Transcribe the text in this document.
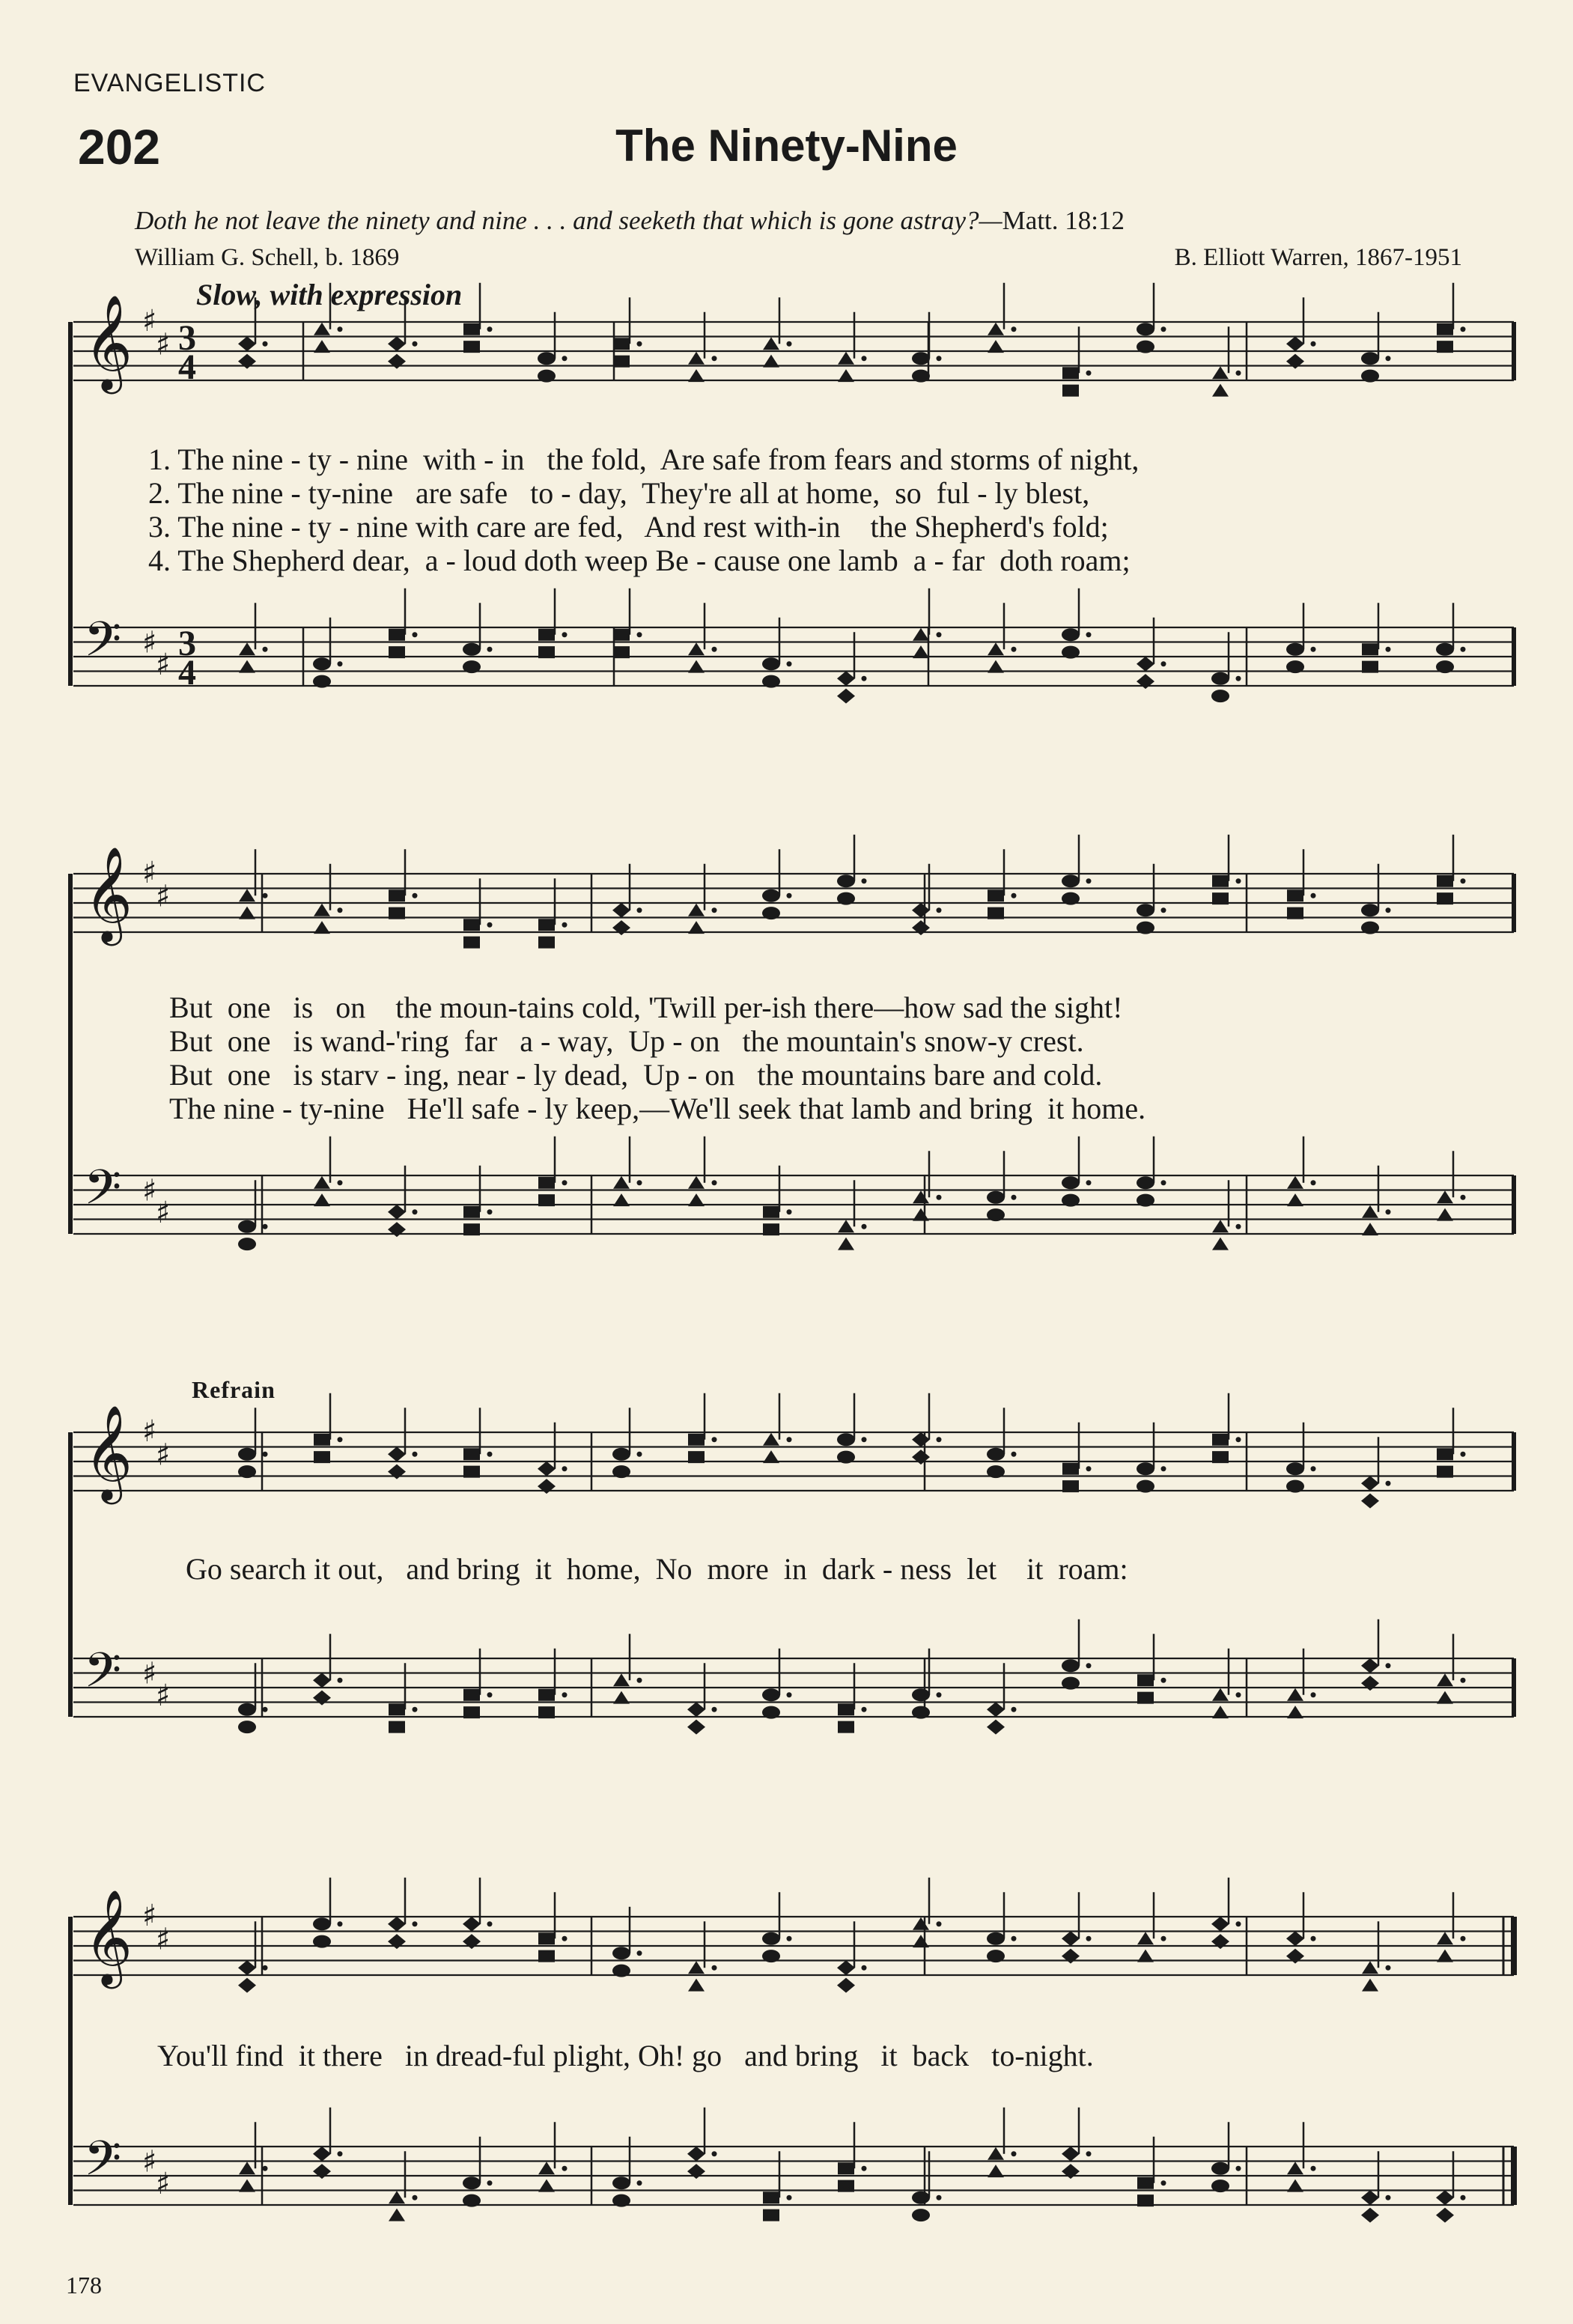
EVANGELISTIC
202	The Ninety-Nine
Doth he not leave the ninety and nine . . . and seeketh that which is gone astray?—Matt. 18:12
William G. Schell, b. 1869	B. Elliott Warren, 1867-1951
Slow, with expression
Refrain
1. The nine - ty - nine  with - in   the fold,  Are safe from fears and storms of night,
2. The nine - ty-nine   are safe   to - day,  They're all at home,  so  ful - ly blest,
3. The nine - ty - nine with care are fed,   And rest with-in    the Shepherd's fold;
4. The Shepherd dear,  a - loud doth weep Be - cause one lamb  a - far  doth roam;
But  one   is   on    the moun-tains cold, 'Twill per-ish there—how sad the sight!
But  one   is wand-'ring  far   a - way,  Up - on   the mountain's snow-y crest.
But  one   is starv - ing, near - ly dead,  Up - on   the mountains bare and cold.
The nine - ty-nine   He'll safe - ly keep,—We'll seek that lamb and bring  it home.
Go search it out,   and bring  it  home,  No  more  in  dark - ness  let    it  roam:
You'll find  it there   in dread-ful plight, Oh! go   and bring   it  back   to-night.
178
𝄞 ♯
♯ 3
4
𝄢 ♯
♯
3
4
𝄞 ♯
♯
𝄢 ♯
♯
𝄞 ♯
♯
𝄢 ♯
♯
𝄞 ♯
♯
𝄢 ♯
♯
